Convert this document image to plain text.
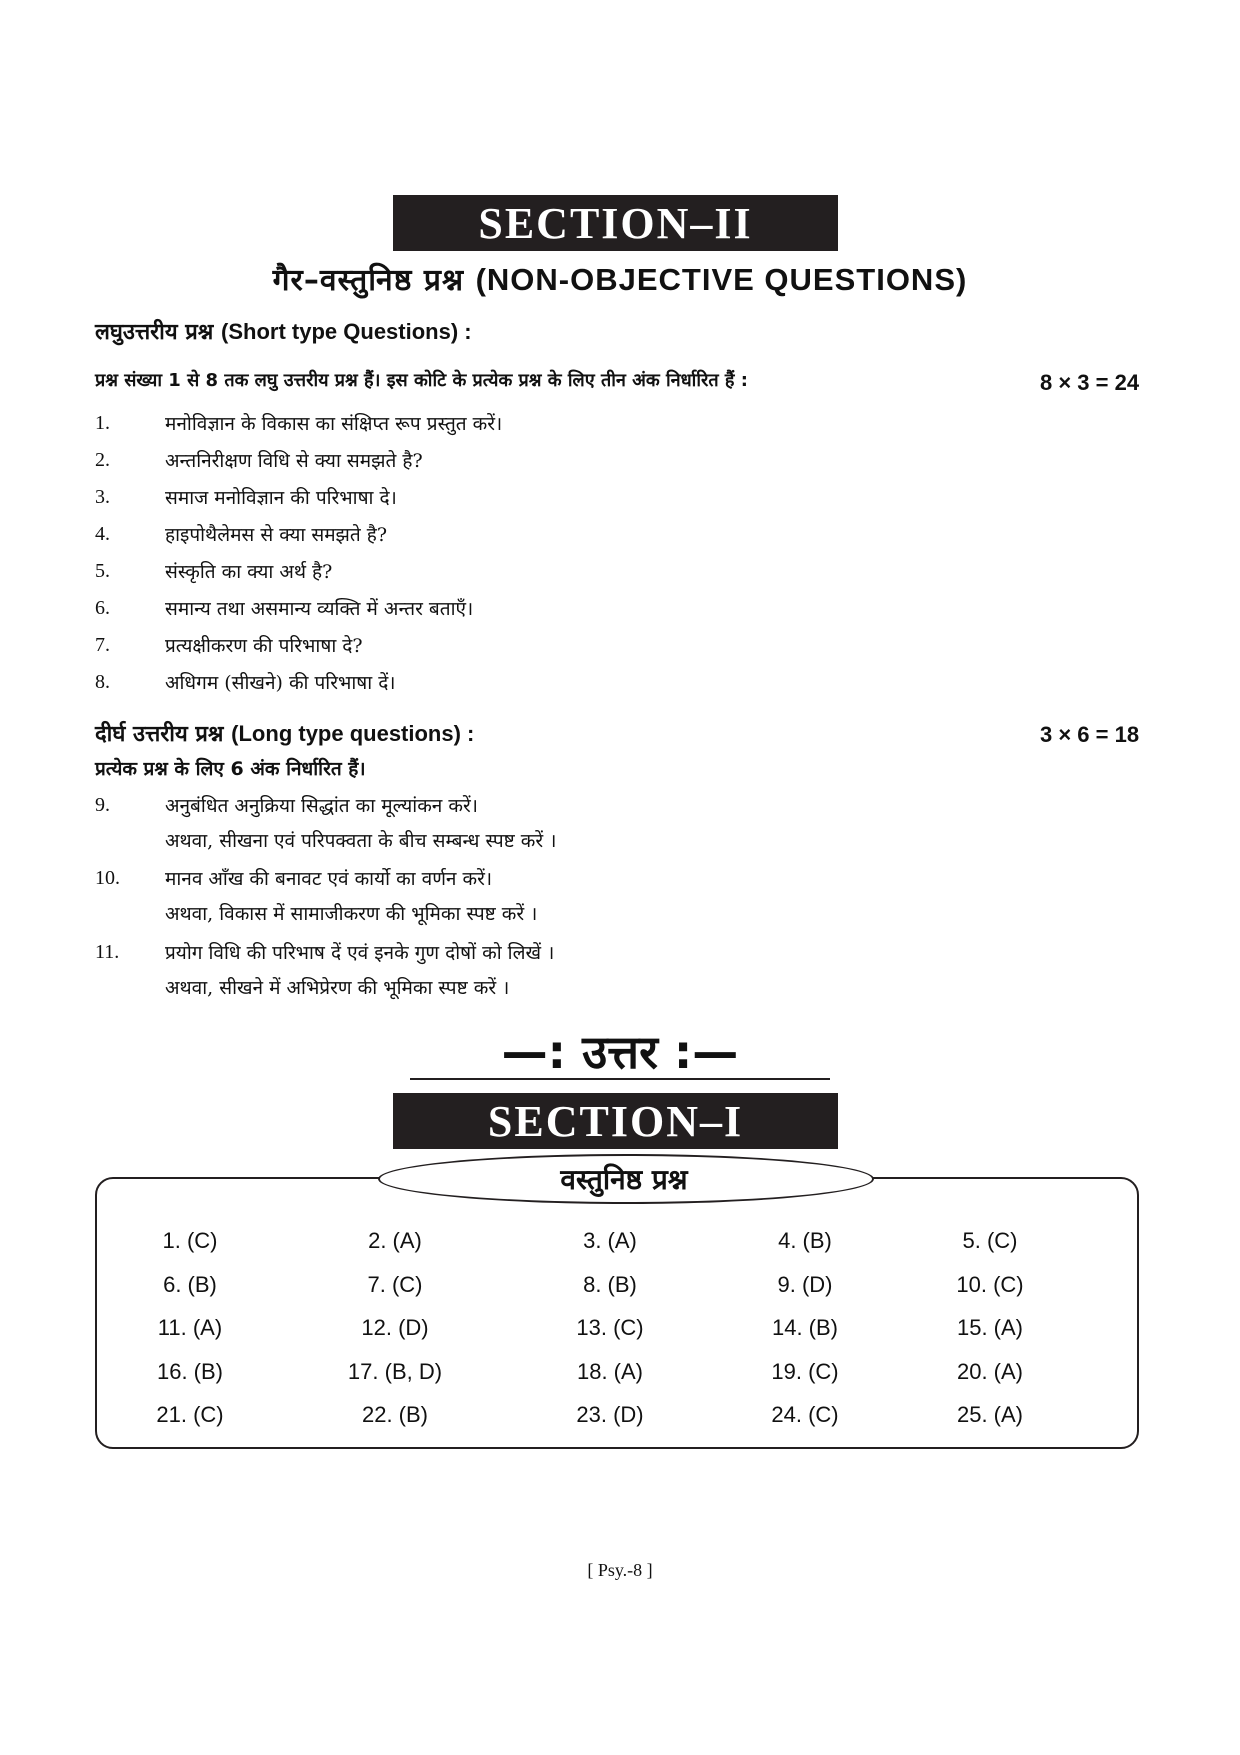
SECTION–II
गैर–वस्तुनिष्ठ प्रश्न (NON-OBJECTIVE QUESTIONS)
लघुउत्तरीय प्रश्न (Short type Questions) :
प्रश्न संख्या 1 से 8 तक लघु उत्तरीय प्रश्न हैं। इस कोटि के प्रत्येक प्रश्न के लिए तीन अंक निर्धारित हैं :	8 × 3 = 24
1.	मनोविज्ञान के विकास का संक्षिप्त रूप प्रस्तुत करें।
2.	अन्तनिरीक्षण विधि से क्या समझते है?
3.	समाज मनोविज्ञान की परिभाषा दे।
4.	हाइपोथैलेमस से क्या समझते है?
5.	संस्कृति का क्या अर्थ है?
6.	समान्य तथा असमान्य व्यक्ति में अन्तर बताएँ।
7.	प्रत्यक्षीकरण की परिभाषा दे?
8.	अधिगम (सीखने) की परिभाषा दें।
दीर्घ उत्तरीय प्रश्न (Long type questions) :	3 × 6 = 18
प्रत्येक प्रश्न के लिए 6 अंक निर्धारित हैं।
9.	अनुबंधित अनुक्रिया सिद्धांत का मूल्यांकन करें।
अथवा, सीखना एवं परिपक्वता के बीच सम्बन्ध स्पष्ट करें ।
10. मानव आँख की बनावट एवं कार्यो का वर्णन करें।
अथवा, विकास में सामाजीकरण की भूमिका स्पष्ट करें ।
11. प्रयोग विधि की परिभाष दें एवं इनके गुण दोषों को लिखें ।
अथवा, सीखने में अभिप्रेरण की भूमिका स्पष्ट करें ।
—: उत्तर :—
SECTION–I
वस्तुनिष्ठ प्रश्न
1. (C)	2. (A)	3. (A)	4. (B)	5. (C)
6. (B)	7. (C)	8. (B)	9. (D)	10. (C)
11. (A)	12. (D)	13. (C)	14. (B)	15. (A)
16. (B)	17. (B, D)	18. (A)	19. (C)	20. (A)
21. (C)	22. (B)	23. (D)	24. (C)	25. (A)
[ Psy.-8 ]
